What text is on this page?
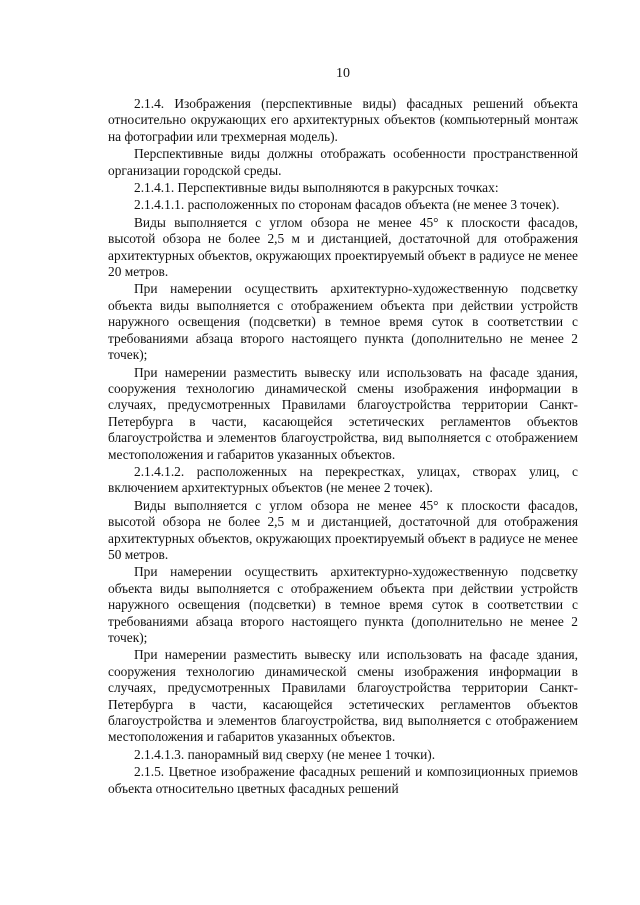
10

2.1.4. Изображения (перспективные виды) фасадных решений объекта относительно окружающих его архитектурных объектов (компьютерный монтаж на фотографии или трехмерная модель).

Перспективные виды должны отображать особенности пространственной организации городской среды.

2.1.4.1. Перспективные виды выполняются в ракурсных точках:

2.1.4.1.1. расположенных по сторонам фасадов объекта (не менее 3 точек).

Виды выполняется с углом обзора не менее 45° к плоскости фасадов, высотой обзора не более 2,5 м и дистанцией, достаточной для отображения архитектурных объектов, окружающих проектируемый объект в радиусе не менее 20 метров.

При намерении осуществить архитектурно-художественную подсветку объекта виды выполняется с отображением объекта при действии устройств наружного освещения (подсветки) в темное время суток в соответствии с требованиями абзаца второго настоящего пункта (дополнительно не менее 2 точек);

При намерении разместить вывеску или использовать на фасаде здания, сооружения технологию динамической смены изображения информации в случаях, предусмотренных Правилами благоустройства территории Санкт-Петербурга в части, касающейся эстетических регламентов объектов благоустройства и элементов благоустройства, вид выполняется с отображением местоположения и габаритов указанных объектов.

2.1.4.1.2. расположенных на перекрестках, улицах, створах улиц, с включением архитектурных объектов (не менее 2 точек).

Виды выполняется с углом обзора не менее 45° к плоскости фасадов, высотой обзора не более 2,5 м и дистанцией, достаточной для отображения архитектурных объектов, окружающих проектируемый объект в радиусе не менее 50 метров.

При намерении осуществить архитектурно-художественную подсветку объекта виды выполняется с отображением объекта при действии устройств наружного освещения (подсветки) в темное время суток в соответствии с требованиями абзаца второго настоящего пункта (дополнительно не менее 2 точек);

При намерении разместить вывеску или использовать на фасаде здания, сооружения технологию динамической смены изображения информации в случаях, предусмотренных Правилами благоустройства территории Санкт-Петербурга в части, касающейся эстетических регламентов объектов благоустройства и элементов благоустройства, вид выполняется с отображением местоположения и габаритов указанных объектов.

2.1.4.1.3. панорамный вид сверху (не менее 1 точки).

2.1.5. Цветное изображение фасадных решений и композиционных приемов объекта относительно цветных фасадных решений
